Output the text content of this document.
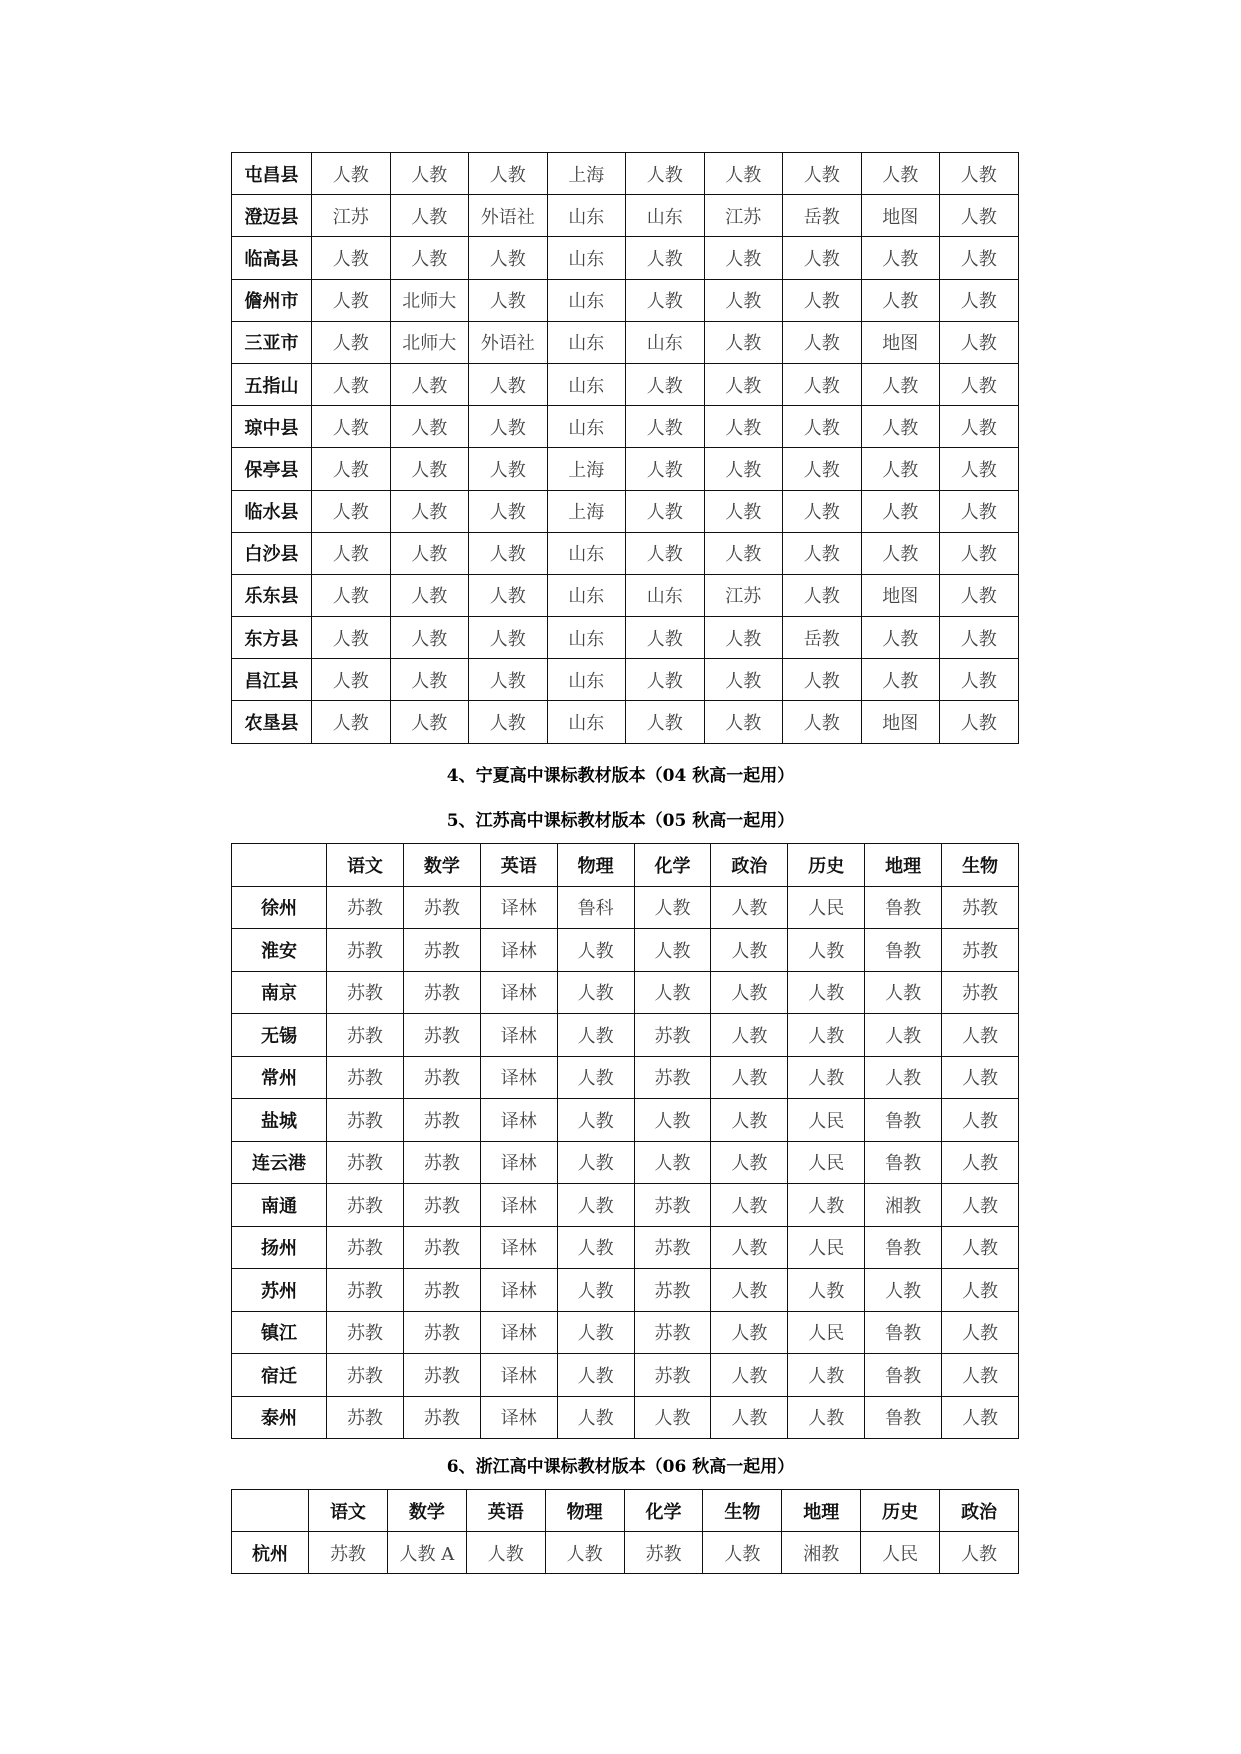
屯昌县	人教	人教	人教	上海	人教	人教	人教	人教	人教
澄迈县	江苏	人教	外语社	山东	山东	江苏	岳教	地图	人教
临高县	人教	人教	人教	山东	人教	人教	人教	人教	人教
儋州市	人教	北师大	人教	山东	人教	人教	人教	人教	人教
三亚市	人教	北师大	外语社	山东	山东	人教	人教	地图	人教
五指山	人教	人教	人教	山东	人教	人教	人教	人教	人教
琼中县	人教	人教	人教	山东	人教	人教	人教	人教	人教
保亭县	人教	人教	人教	上海	人教	人教	人教	人教	人教
临水县	人教	人教	人教	上海	人教	人教	人教	人教	人教
白沙县	人教	人教	人教	山东	人教	人教	人教	人教	人教
乐东县	人教	人教	人教	山东	山东	江苏	人教	地图	人教
东方县	人教	人教	人教	山东	人教	人教	岳教	人教	人教
昌江县	人教	人教	人教	山东	人教	人教	人教	人教	人教
农垦县	人教	人教	人教	山东	人教	人教	人教	地图	人教
4、宁夏高中课标教材版本（04 秋高一起用）
5、江苏高中课标教材版本（05 秋高一起用）
	语文	数学	英语	物理	化学	政治	历史	地理	生物
徐州	苏教	苏教	译林	鲁科	人教	人教	人民	鲁教	苏教
淮安	苏教	苏教	译林	人教	人教	人教	人教	鲁教	苏教
南京	苏教	苏教	译林	人教	人教	人教	人教	人教	苏教
无锡	苏教	苏教	译林	人教	苏教	人教	人教	人教	人教
常州	苏教	苏教	译林	人教	苏教	人教	人教	人教	人教
盐城	苏教	苏教	译林	人教	人教	人教	人民	鲁教	人教
连云港	苏教	苏教	译林	人教	人教	人教	人民	鲁教	人教
南通	苏教	苏教	译林	人教	苏教	人教	人教	湘教	人教
扬州	苏教	苏教	译林	人教	苏教	人教	人民	鲁教	人教
苏州	苏教	苏教	译林	人教	苏教	人教	人教	人教	人教
镇江	苏教	苏教	译林	人教	苏教	人教	人民	鲁教	人教
宿迁	苏教	苏教	译林	人教	苏教	人教	人教	鲁教	人教
泰州	苏教	苏教	译林	人教	人教	人教	人教	鲁教	人教
6、浙江高中课标教材版本（06 秋高一起用）
	语文	数学	英语	物理	化学	生物	地理	历史	政治
杭州	苏教	人教 A	人教	人教	苏教	人教	湘教	人民	人教
